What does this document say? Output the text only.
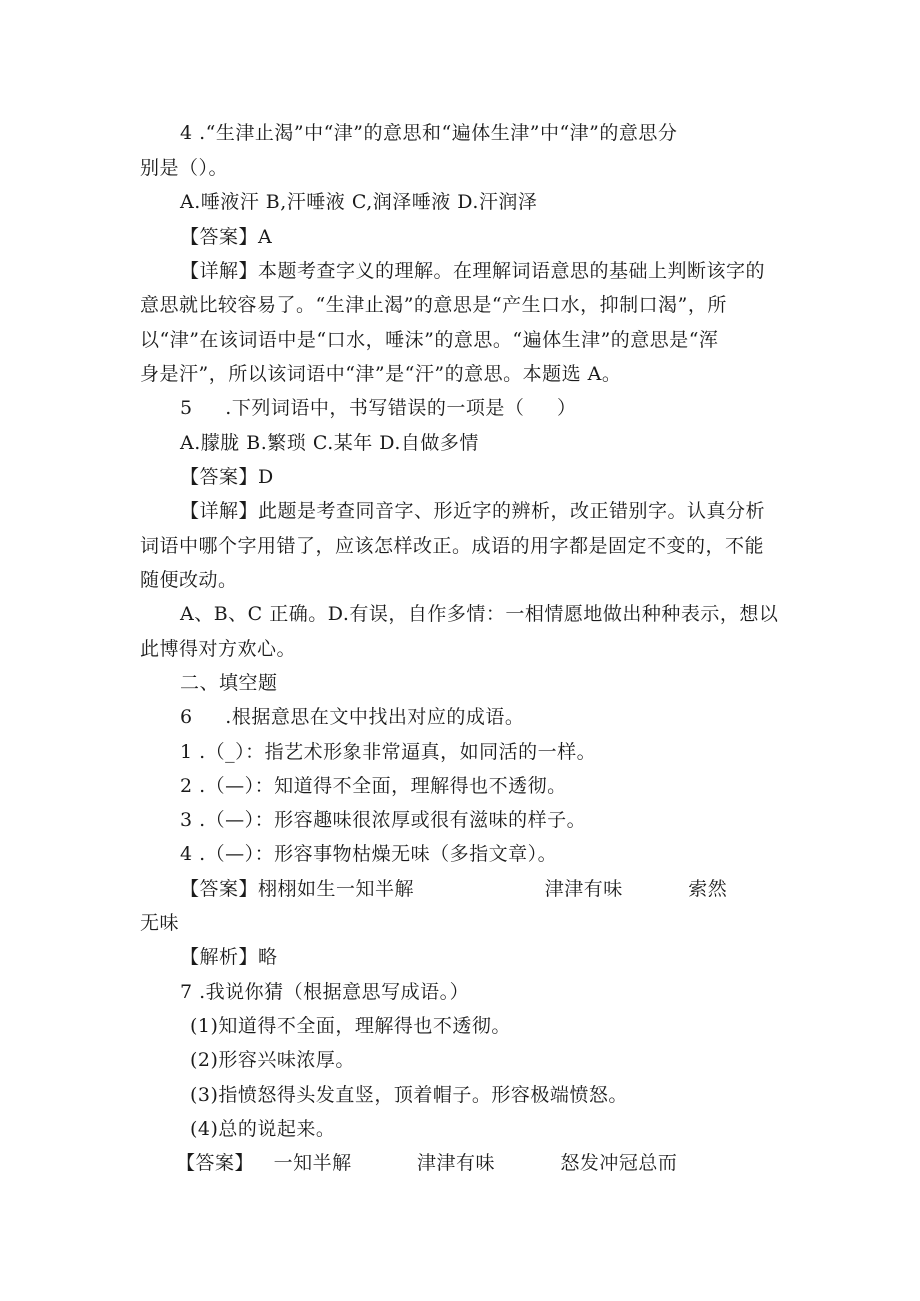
4 .“生津止渴”中“津”的意思和“遍体生津”中“津”的意思分
别是（）。
A.唾液汗 B,汗唾液 C,润泽唾液 D.汗润泽
【答案】A
【详解】本题考查字义的理解。在理解词语意思的基础上判断该字的
意思就比较容易了。“生津止渴”的意思是“产生口水，抑制口渴”，所
以“津”在该词语中是“口水，唾沫”的意思。“遍体生津”的意思是“浑
身是汗”，所以该词语中“津”是“汗”的意思。本题选 A。
5     .下列词语中，书写错误的一项是（     ）
A.朦胧 B.繁琐 C.某年 D.自做多情
【答案】D
【详解】此题是考查同音字、形近字的辨析，改正错别字。认真分析
词语中哪个字用错了，应该怎样改正。成语的用字都是固定不变的，不能
随便改动。
A、B、C 正确。D.有误，自作多情：一相情愿地做出种种表示，想以
此博得对方欢心。
二、填空题
6     .根据意思在文中找出对应的成语。
1 .（_）：指艺术形象非常逼真，如同活的一样。
2 .（—）：知道得不全面，理解得也不透彻。
3 .（—）：形容趣味很浓厚或很有滋味的样子。
4 .（—）：形容事物枯燥无味（多指文章）。
【答案】栩栩如生一知半解                    津津有味          索然
无味
【解析】略
7 .我说你猜（根据意思写成语。）
(1)知道得不全面，理解得也不透彻。
(2)形容兴味浓厚。
(3)指愤怒得头发直竖，顶着帽子。形容极端愤怒。
(4)总的说起来。
【答案】   一知半解          津津有味          怒发冲冠总而
